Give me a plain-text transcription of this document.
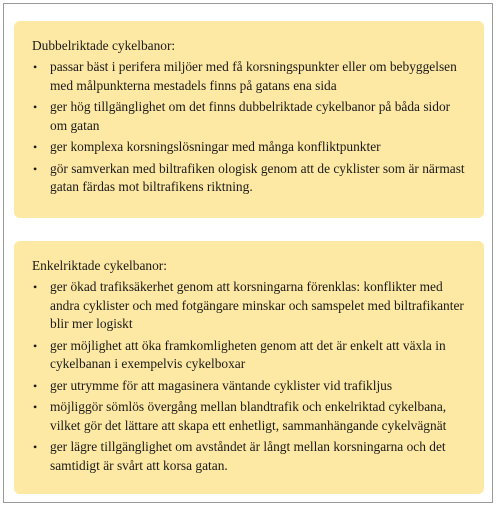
Dubbelriktade cykelbanor:
• passar bäst i perifera miljöer med få korsningspunkter eller om bebyggelsen med målpunkterna mestadels finns på gatans ena sida
• ger hög tillgänglighet om det finns dubbelriktade cykelbanor på båda sidor om gatan
• ger komplexa korsningslösningar med många konfliktpunkter
• gör samverkan med biltrafiken ologisk genom att de cyklister som är närmast gatan färdas mot biltrafikens riktning.
Enkelriktade cykelbanor:
• ger ökad trafiksäkerhet genom att korsningarna förenklas: konflikter med andra cyklister och med fotgängare minskar och samspelet med biltrafikanter blir mer logiskt
• ger möjlighet att öka framkomligheten genom att det är enkelt att växla in cykelbanan i exempelvis cykelboxar
• ger utrymme för att magasinera väntande cyklister vid trafikljus
• möjliggör sömlös övergång mellan blandtrafik och enkelriktad cykelbana, vilket gör det lättare att skapa ett enhetligt, sammanhängande cykelvägnät
• ger lägre tillgänglighet om avståndet är långt mellan korsningarna och det samtidigt är svårt att korsa gatan.
